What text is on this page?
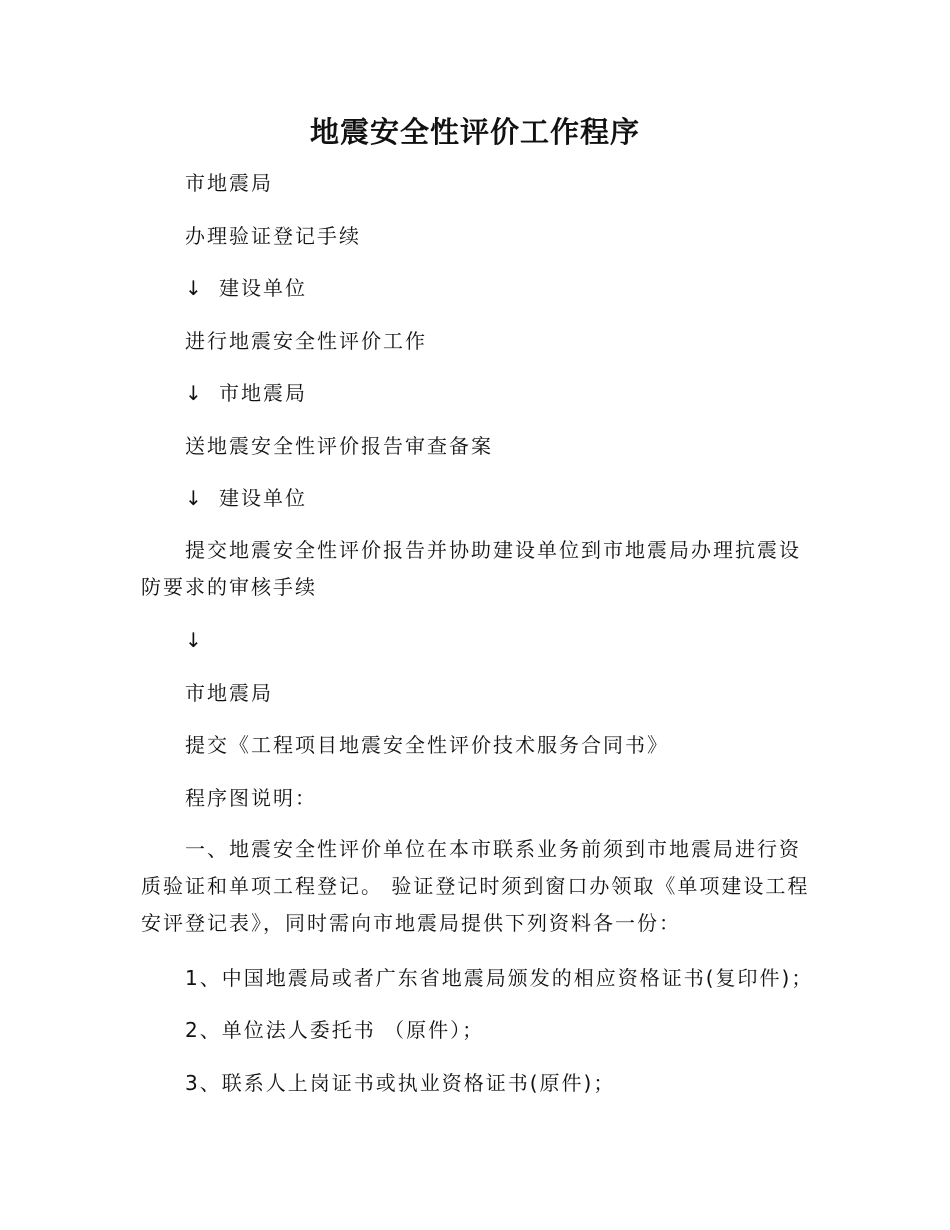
地震安全性评价工作程序
市地震局
办理验证登记手续
↓ 建设单位
进行地震安全性评价工作
↓ 市地震局
送地震安全性评价报告审查备案
↓ 建设单位
提交地震安全性评价报告并协助建设单位到市地震局办理抗震设防要求的审核手续
↓
市地震局
提交《工程项目地震安全性评价技术服务合同书》
程序图说明：
一、地震安全性评价单位在本市联系业务前须到市地震局进行资质验证和单项工程登记。 验证登记时须到窗口办领取《单项建设工程安评登记表》，同时需向市地震局提供下列资料各一份：
1、中国地震局或者广东省地震局颁发的相应资格证书(复印件)；
2、单位法人委托书 （原件）；
3、联系人上岗证书或执业资格证书(原件)；
